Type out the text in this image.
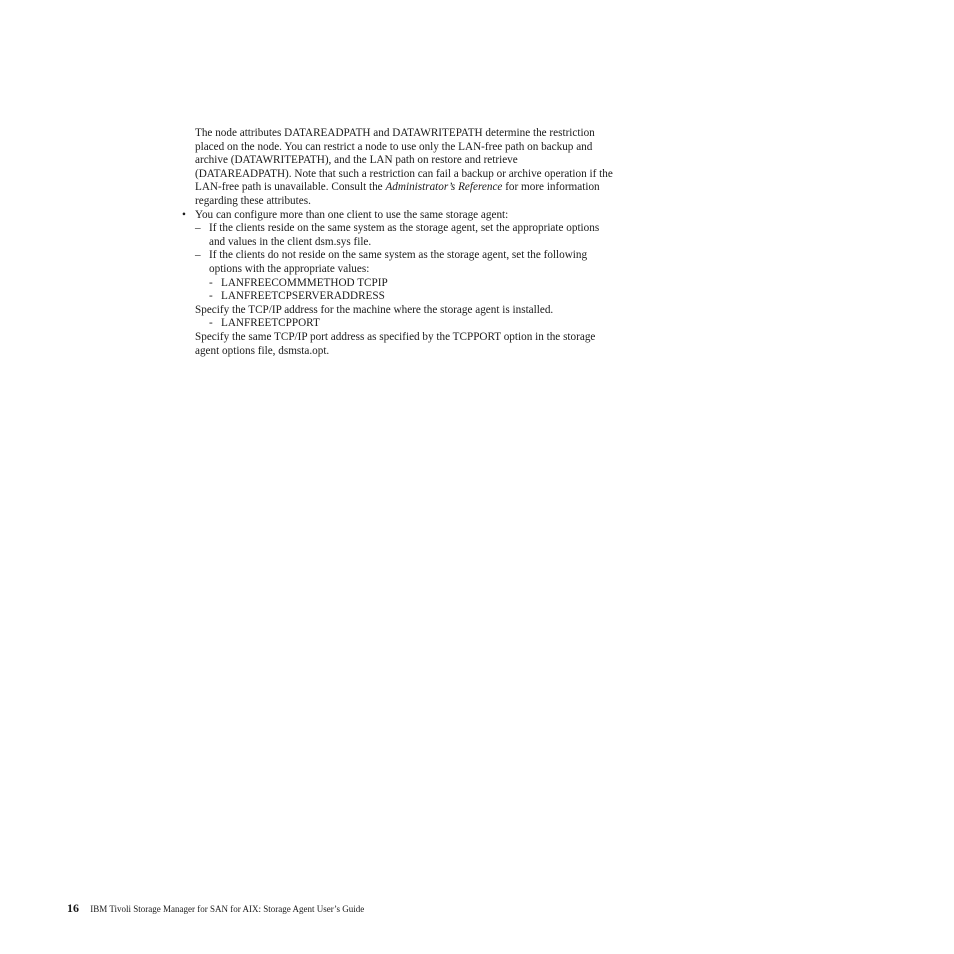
The node attributes DATAREADPATH and DATAWRITEPATH determine the restriction placed on the node. You can restrict a node to use only the LAN-free path on backup and archive (DATAWRITEPATH), and the LAN path on restore and retrieve (DATAREADPATH). Note that such a restriction can fail a backup or archive operation if the LAN-free path is unavailable. Consult the Administrator’s Reference for more information regarding these attributes.

• You can configure more than one client to use the same storage agent:
– If the clients reside on the same system as the storage agent, set the appropriate options and values in the client dsm.sys file.
– If the clients do not reside on the same system as the storage agent, set the following options with the appropriate values:
- LANFREECOMMMETHOD TCPIP
- LANFREETCPSERVERADDRESS

Specify the TCP/IP address for the machine where the storage agent is installed.

- LANFREETCPPORT

Specify the same TCP/IP port address as specified by the TCPPORT option in the storage agent options file, dsmsta.opt.

16 IBM Tivoli Storage Manager for SAN for AIX: Storage Agent User’s Guide
